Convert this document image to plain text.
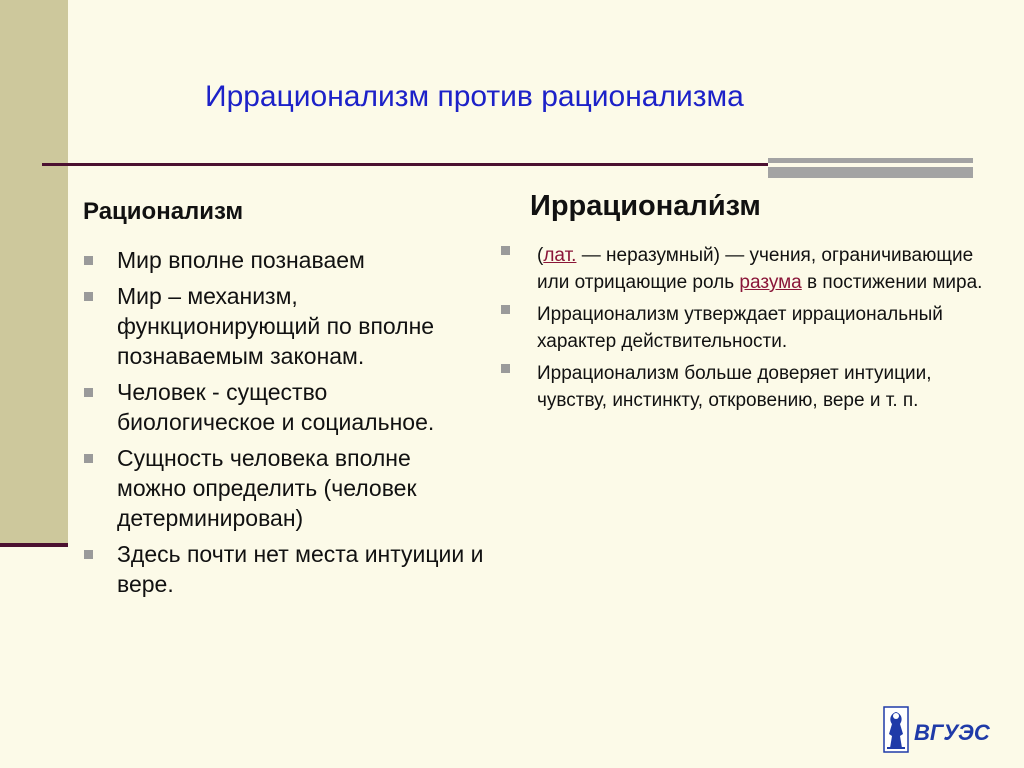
Иррационализм против рационализма
Рационализм	Иррационали́зм
Мир вполне познаваем
Мир – механизм, функционирующий по вполне познаваемым законам.
Человек - существо биологическое и социальное.
Сущность человека вполне можно определить (человек детерминирован)
Здесь почти нет места интуиции и вере.
(лат. — неразумный) — учения, ограничивающие или отрицающие роль разума в постижении мира.
Иррационализм утверждает иррациональный характер действительности.
Иррационализм больше доверяет интуиции, чувству, инстинкту, откровению, вере и т. п.
ВГУЭС
